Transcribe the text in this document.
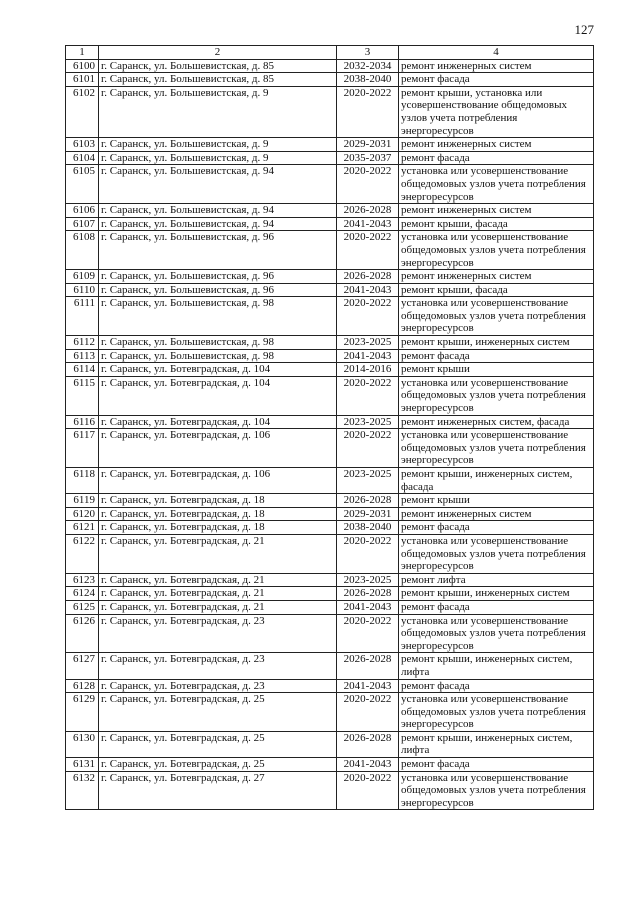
127
1	2	3	4
6100	г. Саранск, ул. Большевистская, д. 85	2032-2034	ремонт инженерных систем
6101	г. Саранск, ул. Большевистская, д. 85	2038-2040	ремонт фасада
6102	г. Саранск, ул. Большевистская, д. 9	2020-2022	ремонт крыши, установка или усовершенствование общедомовых узлов учета потребления энергоресурсов
6103	г. Саранск, ул. Большевистская, д. 9	2029-2031	ремонт инженерных систем
6104	г. Саранск, ул. Большевистская, д. 9	2035-2037	ремонт фасада
6105	г. Саранск, ул. Большевистская, д. 94	2020-2022	установка или усовершенствование общедомовых узлов учета потребления энергоресурсов
6106	г. Саранск, ул. Большевистская, д. 94	2026-2028	ремонт инженерных систем
6107	г. Саранск, ул. Большевистская, д. 94	2041-2043	ремонт крыши, фасада
6108	г. Саранск, ул. Большевистская, д. 96	2020-2022	установка или усовершенствование общедомовых узлов учета потребления энергоресурсов
6109	г. Саранск, ул. Большевистская, д. 96	2026-2028	ремонт инженерных систем
6110	г. Саранск, ул. Большевистская, д. 96	2041-2043	ремонт крыши, фасада
6111	г. Саранск, ул. Большевистская, д. 98	2020-2022	установка или усовершенствование общедомовых узлов учета потребления энергоресурсов
6112	г. Саранск, ул. Большевистская, д. 98	2023-2025	ремонт крыши, инженерных систем
6113	г. Саранск, ул. Большевистская, д. 98	2041-2043	ремонт фасада
6114	г. Саранск, ул. Ботевградская, д. 104	2014-2016	ремонт крыши
6115	г. Саранск, ул. Ботевградская, д. 104	2020-2022	установка или усовершенствование общедомовых узлов учета потребления энергоресурсов
6116	г. Саранск, ул. Ботевградская, д. 104	2023-2025	ремонт инженерных систем, фасада
6117	г. Саранск, ул. Ботевградская, д. 106	2020-2022	установка или усовершенствование общедомовых узлов учета потребления энергоресурсов
6118	г. Саранск, ул. Ботевградская, д. 106	2023-2025	ремонт крыши, инженерных систем, фасада
6119	г. Саранск, ул. Ботевградская, д. 18	2026-2028	ремонт крыши
6120	г. Саранск, ул. Ботевградская, д. 18	2029-2031	ремонт инженерных систем
6121	г. Саранск, ул. Ботевградская, д. 18	2038-2040	ремонт фасада
6122	г. Саранск, ул. Ботевградская, д. 21	2020-2022	установка или усовершенствование общедомовых узлов учета потребления энергоресурсов
6123	г. Саранск, ул. Ботевградская, д. 21	2023-2025	ремонт лифта
6124	г. Саранск, ул. Ботевградская, д. 21	2026-2028	ремонт крыши, инженерных систем
6125	г. Саранск, ул. Ботевградская, д. 21	2041-2043	ремонт фасада
6126	г. Саранск, ул. Ботевградская, д. 23	2020-2022	установка или усовершенствование общедомовых узлов учета потребления энергоресурсов
6127	г. Саранск, ул. Ботевградская, д. 23	2026-2028	ремонт крыши, инженерных систем, лифта
6128	г. Саранск, ул. Ботевградская, д. 23	2041-2043	ремонт фасада
6129	г. Саранск, ул. Ботевградская, д. 25	2020-2022	установка или усовершенствование общедомовых узлов учета потребления энергоресурсов
6130	г. Саранск, ул. Ботевградская, д. 25	2026-2028	ремонт крыши, инженерных систем, лифта
6131	г. Саранск, ул. Ботевградская, д. 25	2041-2043	ремонт фасада
6132	г. Саранск, ул. Ботевградская, д. 27	2020-2022	установка или усовершенствование общедомовых узлов учета потребления энергоресурсов
